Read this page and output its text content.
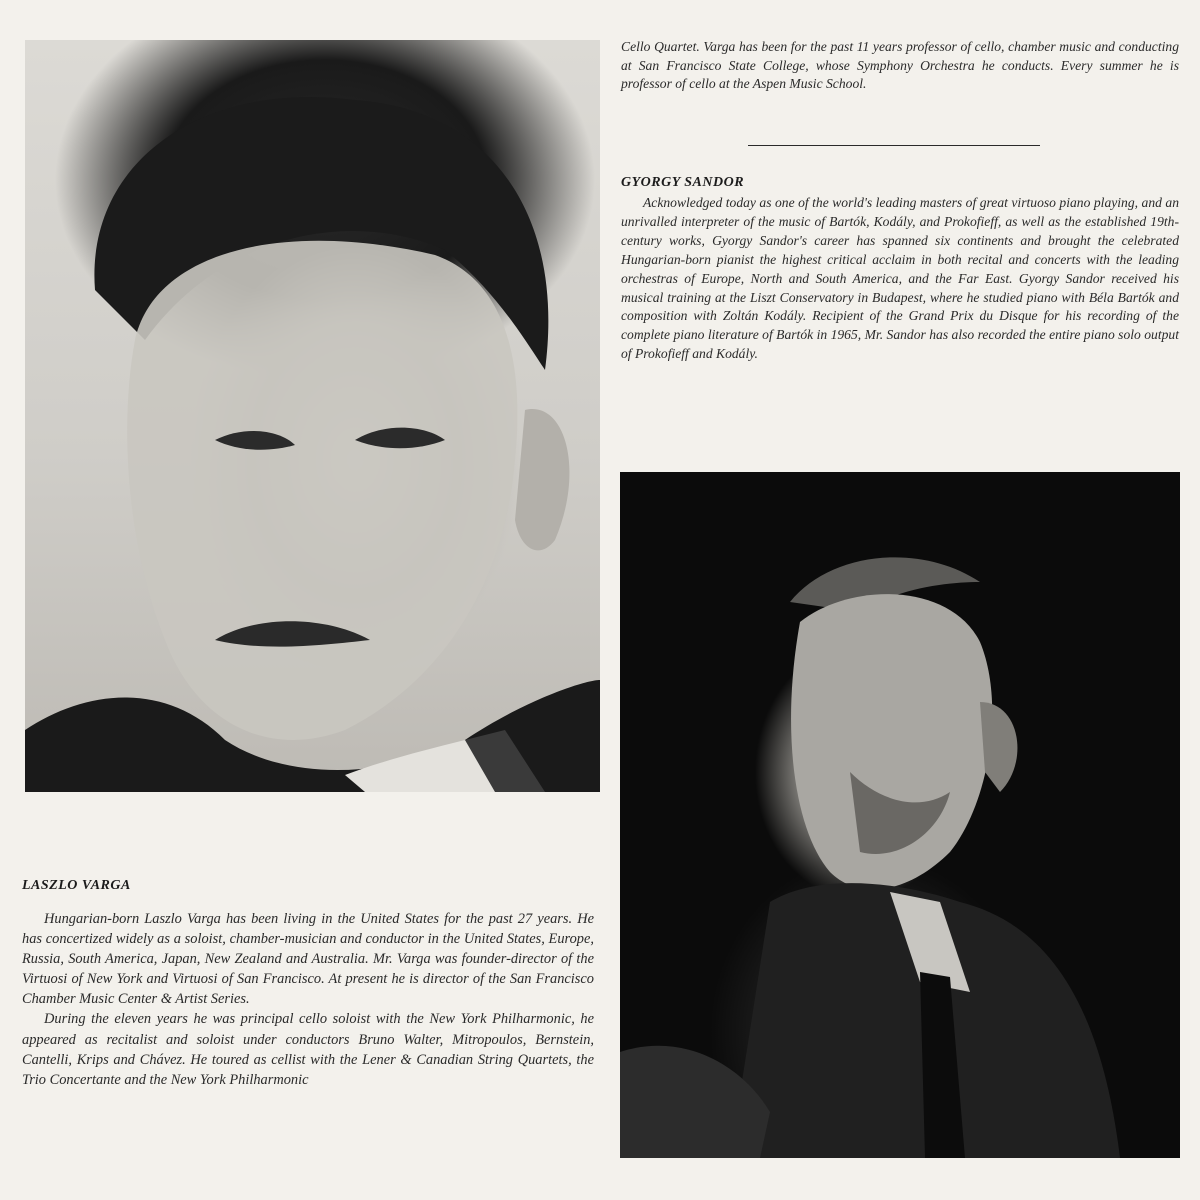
Cello Quartet. Varga has been for the past 11 years professor of cello, chamber music and conducting at San Francisco State College, whose Symphony Orchestra he conducts. Every summer he is professor of cello at the Aspen Music School.

GYORGY SANDOR

Acknowledged today as one of the world's leading masters of great virtuoso piano playing, and an unrivalled interpreter of the music of Bartók, Kodály, and Prokofieff, as well as the established 19th-century works, Gyorgy Sandor's career has spanned six continents and brought the celebrated Hungarian-born pianist the highest critical acclaim in both recital and concerts with the leading orchestras of Europe, North and South America, and the Far East. Gyorgy Sandor received his musical training at the Liszt Conservatory in Budapest, where he studied piano with Béla Bartók and composition with Zoltán Kodály. Recipient of the Grand Prix du Disque for his recording of the complete piano literature of Bartók in 1965, Mr. Sandor has also recorded the entire piano solo output of Prokofieff and Kodály.

LASZLO VARGA

Hungarian-born Laszlo Varga has been living in the United States for the past 27 years. He has concertized widely as a soloist, chamber-musician and conductor in the United States, Europe, Russia, South America, Japan, New Zealand and Australia. Mr. Varga was founder-director of the Virtuosi of New York and Virtuosi of San Francisco. At present he is director of the San Francisco Chamber Music Center & Artist Series.

During the eleven years he was principal cello soloist with the New York Philharmonic, he appeared as recitalist and soloist under conductors Bruno Walter, Mitropoulos, Bernstein, Cantelli, Krips and Chávez. He toured as cellist with the Lener & Canadian String Quartets, the Trio Concertante and the New York Philharmonic
